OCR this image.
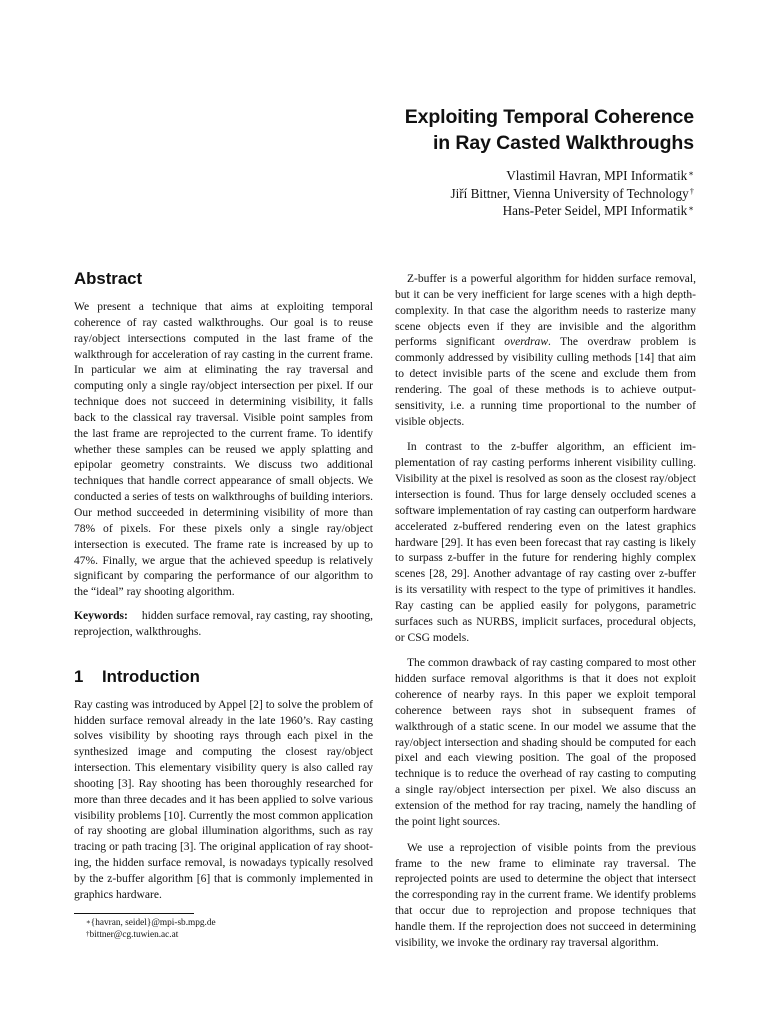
Exploiting Temporal Coherence
in Ray Casted Walkthroughs
Vlastimil Havran, MPI Informatik∗
Jiří Bittner, Vienna University of Technology†
Hans-Peter Seidel, MPI Informatik∗
Abstract

We present a technique that aims at exploiting temporal coherence of ray casted walkthroughs. Our goal is to reuse ray/object intersections computed in the last frame of the walkthrough for acceleration of ray casting in the current frame. In particular we aim at eliminating the ray traversal and computing only a single ray/object intersection per pixel. If our technique does not succeed in determining visibility, it falls back to the classical ray traversal. Visible point samples from the last frame are reprojected to the current frame. To identify whether these samples can be reused we apply splatting and epipolar geometry constraints. We discuss two additional techniques that handle correct appearance of small objects. We conducted a series of tests on walkthroughs of building interiors. Our method succeeded in determining visibility of more than 78% of pixels. For these pixels only a single ray/object intersection is executed. The frame rate is increased by up to 47%. Finally, we argue that the achieved speedup is relatively significant by comparing the performance of our algorithm to the “ideal” ray shooting algorithm.

Keywords: hidden surface removal, ray casting, ray shooting, reprojection, walkthroughs.

1 Introduction

Ray casting was introduced by Appel [2] to solve the problem of hidden surface removal already in the late 1960’s. Ray casting solves visibility by shooting rays through each pixel in the synthesized image and computing the closest ray/object intersection. This elementary visibility query is also called ray shooting [3]. Ray shooting has been thoroughly researched for more than three decades and it has been applied to solve various visibility problems [10]. Currently the most common application of ray shooting are global illumination algorithms, such as ray tracing or path tracing [3]. The original application of ray shooting, the hidden surface removal, is nowadays typically resolved by the z-buffer algorithm [6] that is commonly implemented in graphics hardware.

∗{havran, seidel}@mpi-sb.mpg.de
†bittner@cg.tuwien.ac.at

Z-buffer is a powerful algorithm for hidden surface removal, but it can be very inefficient for large scenes with a high depth-complexity. In that case the algorithm needs to rasterize many scene objects even if they are invisible and the algorithm performs significant overdraw. The overdraw problem is commonly addressed by visibility culling methods [14] that aim to detect invisible parts of the scene and exclude them from rendering. The goal of these methods is to achieve output-sensitivity, i.e. a running time proportional to the number of visible objects.

In contrast to the z-buffer algorithm, an efficient implementation of ray casting performs inherent visibility culling. Visibility at the pixel is resolved as soon as the closest ray/object intersection is found. Thus for large densely occluded scenes a software implementation of ray casting can outperform hardware accelerated z-buffered rendering even on the latest graphics hardware [29]. It has even been forecast that ray casting is likely to surpass z-buffer in the future for rendering highly complex scenes [28, 29]. Another advantage of ray casting over z-buffer is its versatility with respect to the type of primitives it handles. Ray casting can be applied easily for polygons, parametric surfaces such as NURBS, implicit surfaces, procedural objects, or CSG models.

The common drawback of ray casting compared to most other hidden surface removal algorithms is that it does not exploit coherence of nearby rays. In this paper we exploit temporal coherence between rays shot in subsequent frames of walkthrough of a static scene. In our model we assume that the ray/object intersection and shading should be computed for each pixel and each viewing position. The goal of the proposed technique is to reduce the overhead of ray casting to computing a single ray/object intersection per pixel. We also discuss an extension of the method for ray tracing, namely the handling of the point light sources.

We use a reprojection of visible points from the previous frame to the new frame to eliminate ray traversal. The reprojected points are used to determine the object that intersect the corresponding ray in the current frame. We identify problems that occur due to reprojection and propose techniques that handle them. If the reprojection does not succeed in determining visibility, we invoke the ordinary ray traversal algorithm.
